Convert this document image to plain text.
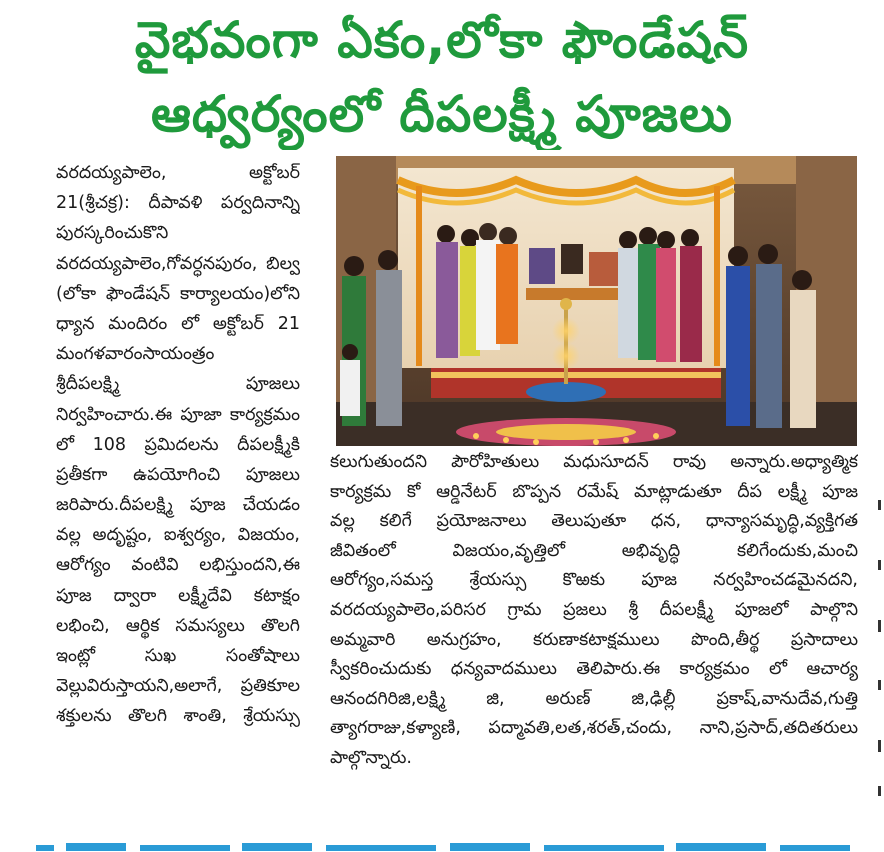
వైభవంగా ఏకం,లోకా ఫౌండేషన్
ఆధ్వర్యంలో దీపలక్ష్మీ పూజలు

వరదయ్యపాలెం, అక్టోబర్

21(శ్రీచక్ర): దీపావళి పర్వదినాన్ని

పురస్కరించుకొని

వరదయ్యపాలెం,గోవర్ధనపురం, బిల్వ

(లోకా ఫౌండేషన్ కార్యాలయం)లోని

ధ్యాన మందిరం లో అక్టోబర్ 21

మంగళవారంసాయంత్రం

శ్రీదీపలక్ష్మి పూజలు

నిర్వహించారు.ఈ పూజా కార్యక్రమం

లో 108 ప్రమిదలను దీపలక్ష్మీకి

ప్రతీకగా ఉపయోగించి పూజలు

జరిపారు.దీపలక్ష్మి పూజ చేయడం

వల్ల అదృష్టం, ఐశ్వర్యం, విజయం,

ఆరోగ్యం వంటివి లభిస్తుందని,ఈ

పూజ ద్వారా లక్ష్మీదేవి కటాక్షం

లభించి, ఆర్థిక సమస్యలు తొలగి

ఇంట్లో సుఖ సంతోషాలు

వెల్లువిరుస్తాయని,అలాగే, ప్రతికూల

శక్తులను తొలగి శాంతి, శ్రేయస్సు

కలుగుతుందని పౌరోహితులు మధుసూదన్ రావు అన్నారు.అధ్యాత్మిక

కార్యక్రమ కో ఆర్డినేటర్ బొప్పన రమేష్ మాట్లాడుతూ దీప లక్ష్మీ పూజ

వల్ల కలిగే ప్రయోజనాలు తెలుపుతూ ధన, ధాన్యాసమృద్ధి,వ్యక్తిగత

జీవితంలో విజయం,వృత్తిలో అభివృద్ధి కలిగేందుకు,మంచి

ఆరోగ్యం,సమస్త శ్రేయస్సు కొఱకు పూజ నర్వహించడమైనదని,

వరదయ్యపాలెం,పరిసర గ్రామ ప్రజలు శ్రీ దీపలక్ష్మీ పూజలో పాల్గొని

అమ్మవారి అనుగ్రహం, కరుణాకటాక్షములు పొంది,తీర్థ ప్రసాదాలు

స్వీకరించుదుకు ధన్యవాదములు తెలిపారు.ఈ కార్యక్రమం లో ఆచార్య

ఆనందగిరిజి,లక్ష్మి జి, అరుణ్ జి,ఢిల్లీ ప్రకాష్,వానుదేవ,గుత్తి

త్యాగరాజు,కళ్యాణి, పద్మావతి,లత,శరత్,చందు, నాని,ప్రసాద్,తదితరులు

పాల్గొన్నారు.
